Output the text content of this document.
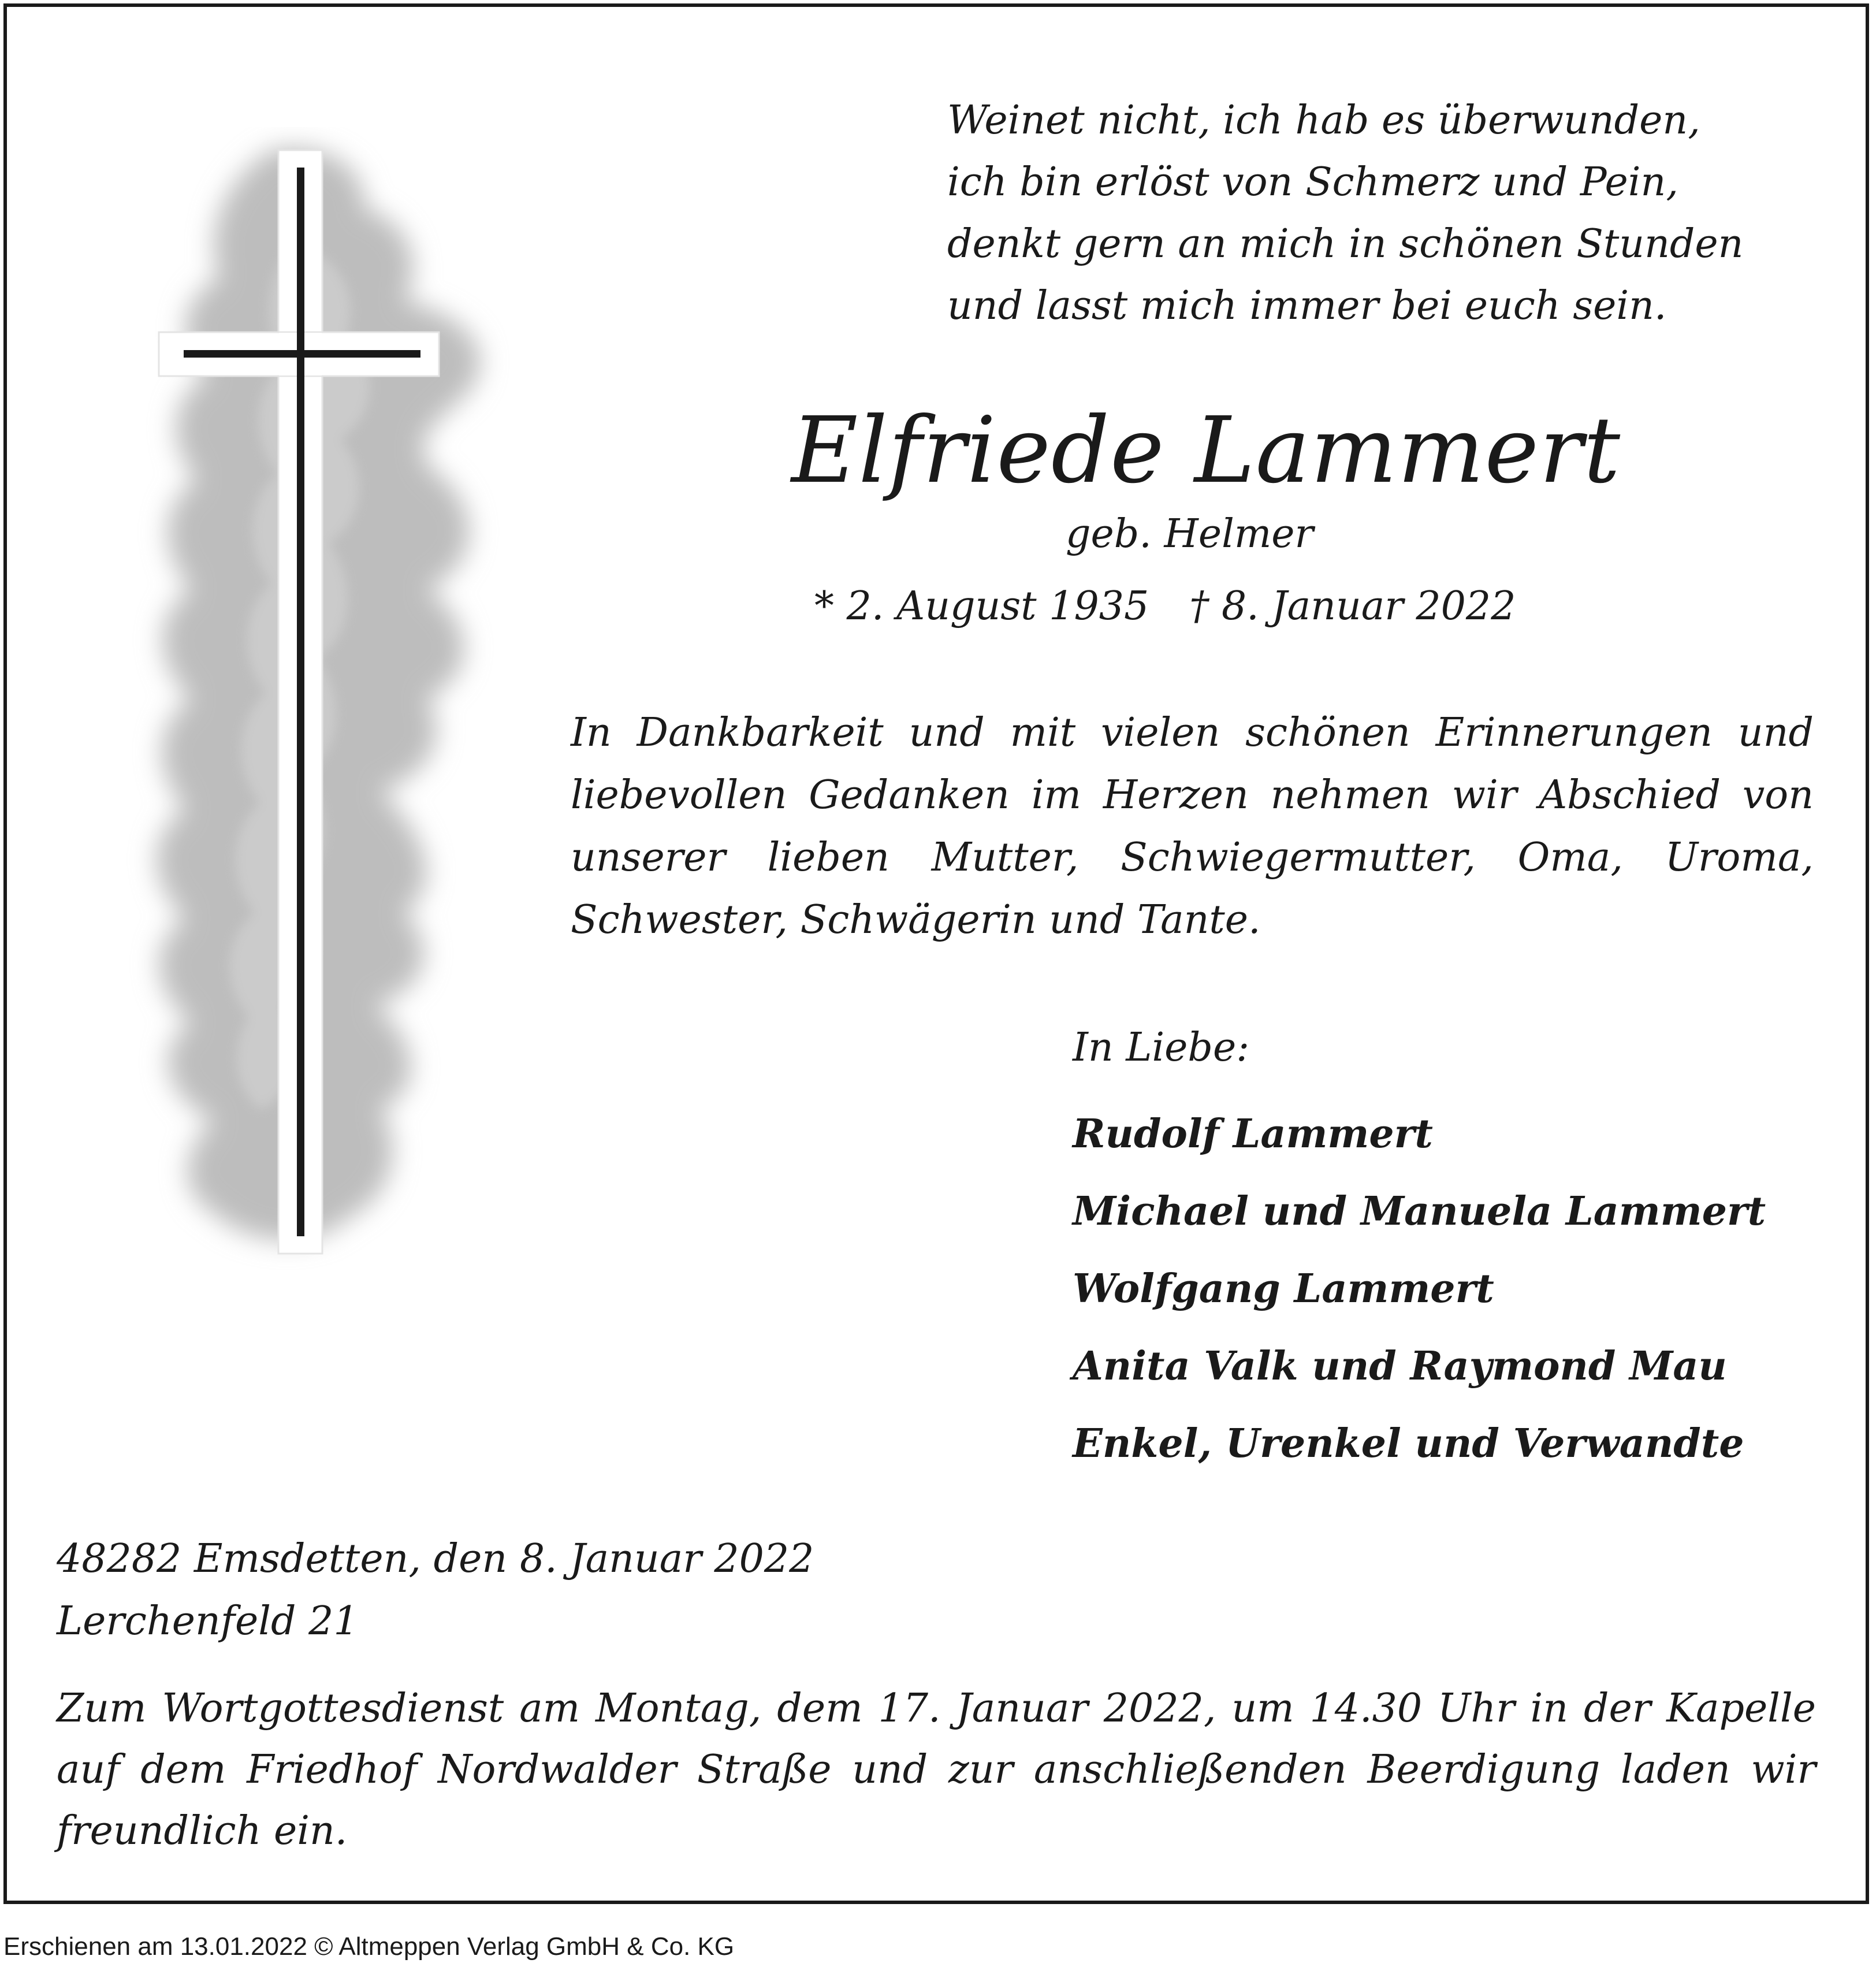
Weinet nicht, ich hab es überwunden,
ich bin erlöst von Schmerz und Pein,
denkt gern an mich in schönen Stunden
und lasst mich immer bei euch sein.
Elfriede Lammert
geb. Helmer
* 2. August 1935 † 8. Januar 2022
In Dankbarkeit und mit vielen schönen Erinnerungen und liebevollen Gedanken im Herzen nehmen wir Abschied von unserer lieben Mutter, Schwiegermutter, Oma, Uroma, Schwester, Schwägerin und Tante.
In Liebe:
Rudolf Lammert
Michael und Manuela Lammert
Wolfgang Lammert
Anita Valk und Raymond Mau
Enkel, Urenkel und Verwandte
48282 Emsdetten, den 8. Januar 2022
Lerchenfeld 21
Zum Wortgottesdienst am Montag, dem 17. Januar 2022, um 14.30 Uhr in der Kapelle auf dem Friedhof Nordwalder Straße und zur anschließenden Beerdigung laden wir freundlich ein.
Erschienen am 13.01.2022 © Altmeppen Verlag GmbH & Co. KG
